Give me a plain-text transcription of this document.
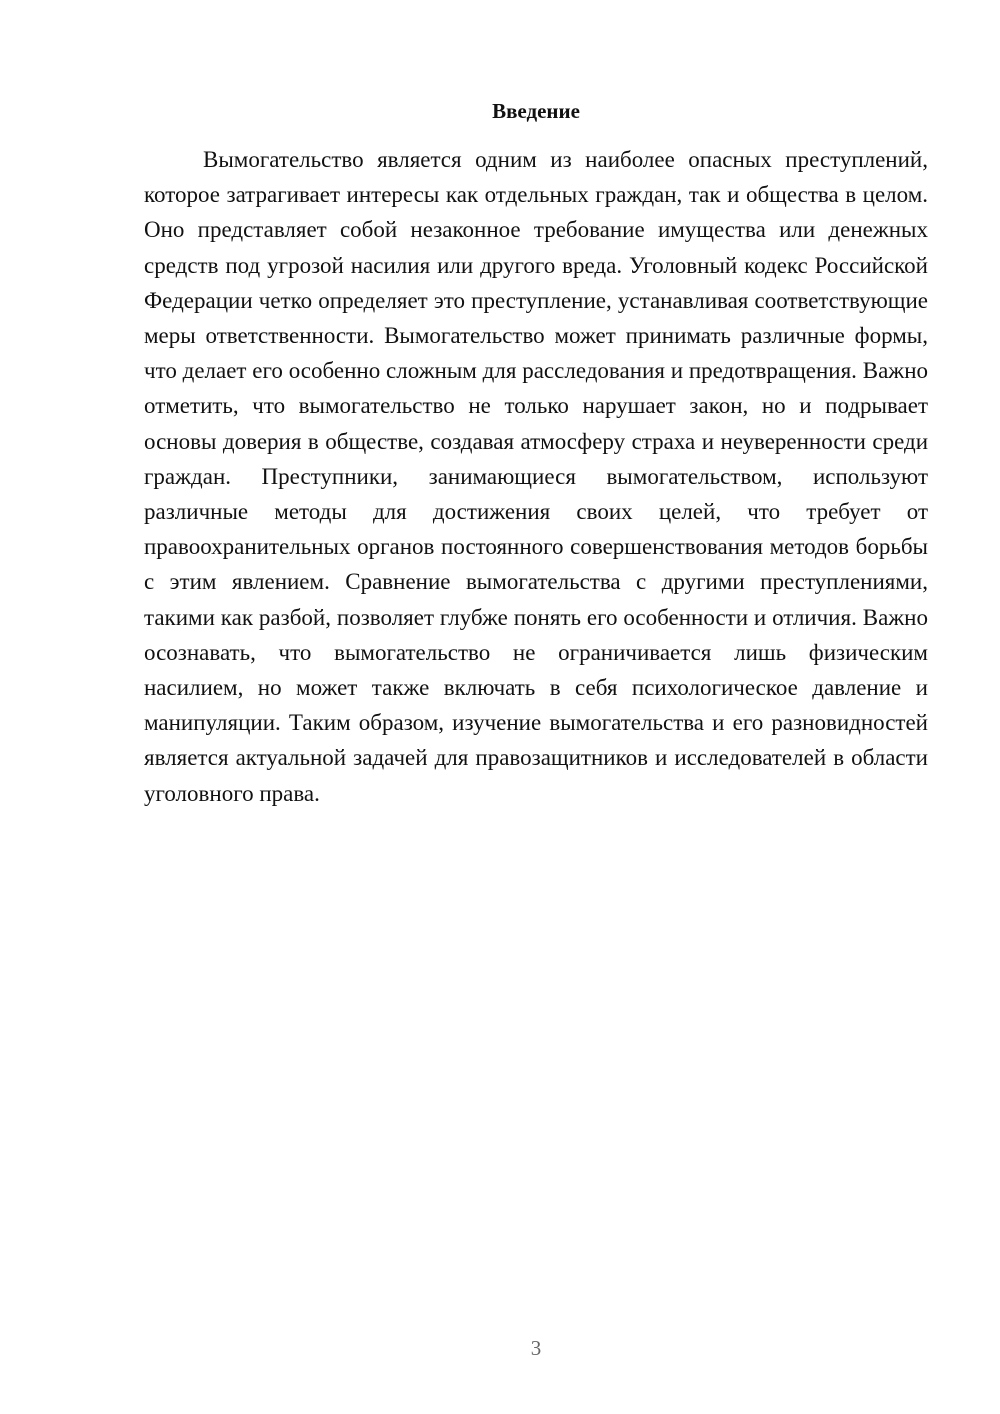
Введение

Вымогательство является одним из наиболее опасных преступлений, которое затрагивает интересы как отдельных граждан, так и общества в целом. Оно представляет собой незаконное требование имущества или денежных средств под угрозой насилия или другого вреда. Уголовный кодекс Российской Федерации четко определяет это преступление, устанавливая соответствующие меры ответственности. Вымогательство может принимать различные формы, что делает его особенно сложным для расследования и предотвращения. Важно отметить, что вымогательство не только нарушает закон, но и подрывает основы доверия в обществе, создавая атмосферу страха и неуверенности среди граждан. Преступники, занимающиеся вымогательством, используют различные методы для достижения своих целей, что требует от правоохранительных органов постоянного совершенствования методов борьбы с этим явлением. Сравнение вымогательства с другими преступлениями, такими как разбой, позволяет глубже понять его особенности и отличия. Важно осознавать, что вымогательство не ограничивается лишь физическим насилием, но может также включать в себя психологическое давление и манипуляции. Таким образом, изучение вымогательства и его разновидностей является актуальной задачей для правозащитников и исследователей в области уголовного права.

3
